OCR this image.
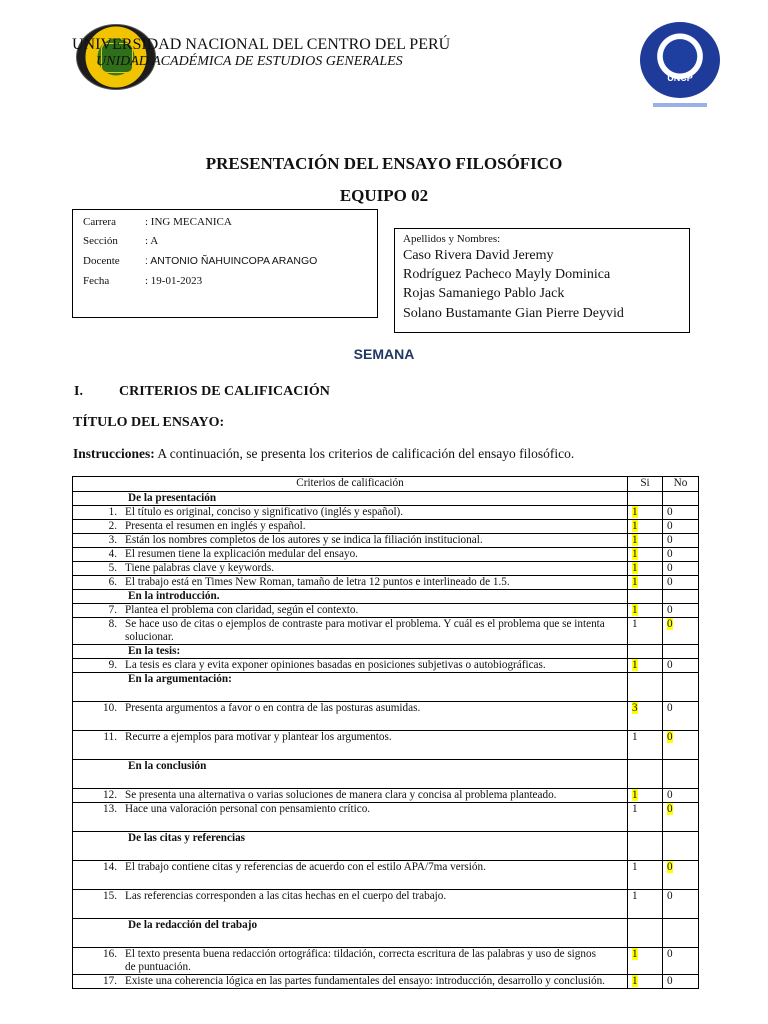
UNCP
UNIVERSIDAD NACIONAL DEL CENTRO DEL PERÚ
UNIDAD ACADÉMICA DE ESTUDIOS GENERALES
PRESENTACIÓN DEL ENSAYO FILOSÓFICO
EQUIPO 02
Carrera	: ING MECANICA
Sección : A
Docente : ANTONIO ÑAHUINCOPA ARANGO
Fecha	: 19-01-2023
Apellidos y Nombres:
Caso Rivera David Jeremy
Rodríguez Pacheco Mayly Dominica
Rojas Samaniego Pablo Jack
Solano Bustamante Gian Pierre Deyvid
SEMANA
I.	CRITERIOS DE CALIFICACIÓN
TÍTULO DEL ENSAYO:
Instrucciones: A continuación, se presenta los criterios de calificación del ensayo filosófico.
Criterios de calificación	Si	No
De la presentación		
1. El título es original, conciso y significativo (inglés y español).	1	0
2. Presenta el resumen en inglés y español.	1	0
3. Están los nombres completos de los autores y se indica la filiación institucional.	1	0
4. El resumen tiene la explicación medular del ensayo.	1	0
5. Tiene palabras clave y keywords.	1	0
6. El trabajo está en Times New Roman, tamaño de letra 12 puntos e interlineado de 1.5.	1	0
En la introducción.		
7. Plantea el problema con claridad, según el contexto.	1	0
8. Se hace uso de citas o ejemplos de contraste para motivar el problema. Y cuál es el problema que se intenta solucionar.	1	0
En la tesis:		
9. La tesis es clara y evita exponer opiniones basadas en posiciones subjetivas o autobiográficas.	1	0
En la argumentación:		
10. Presenta argumentos a favor o en contra de las posturas asumidas.	3	0
11. Recurre a ejemplos para motivar y plantear los argumentos.	1	0
En la conclusión		
12. Se presenta una alternativa o varias soluciones de manera clara y concisa al problema planteado.	1	0
13. Hace una valoración personal con pensamiento crítico.	1	0
De las citas y referencias		
14. El trabajo contiene citas y referencias de acuerdo con el estilo APA/7ma versión.	1	0
15. Las referencias corresponden a las citas hechas en el cuerpo del trabajo.	1	0
De la redacción del trabajo		
16. El texto presenta buena redacción ortográfica: tildación, correcta escritura de las palabras y uso de signos de puntuación.	1	0
17. Existe una coherencia lógica en las partes fundamentales del ensayo: introducción, desarrollo y conclusión.	1	0
